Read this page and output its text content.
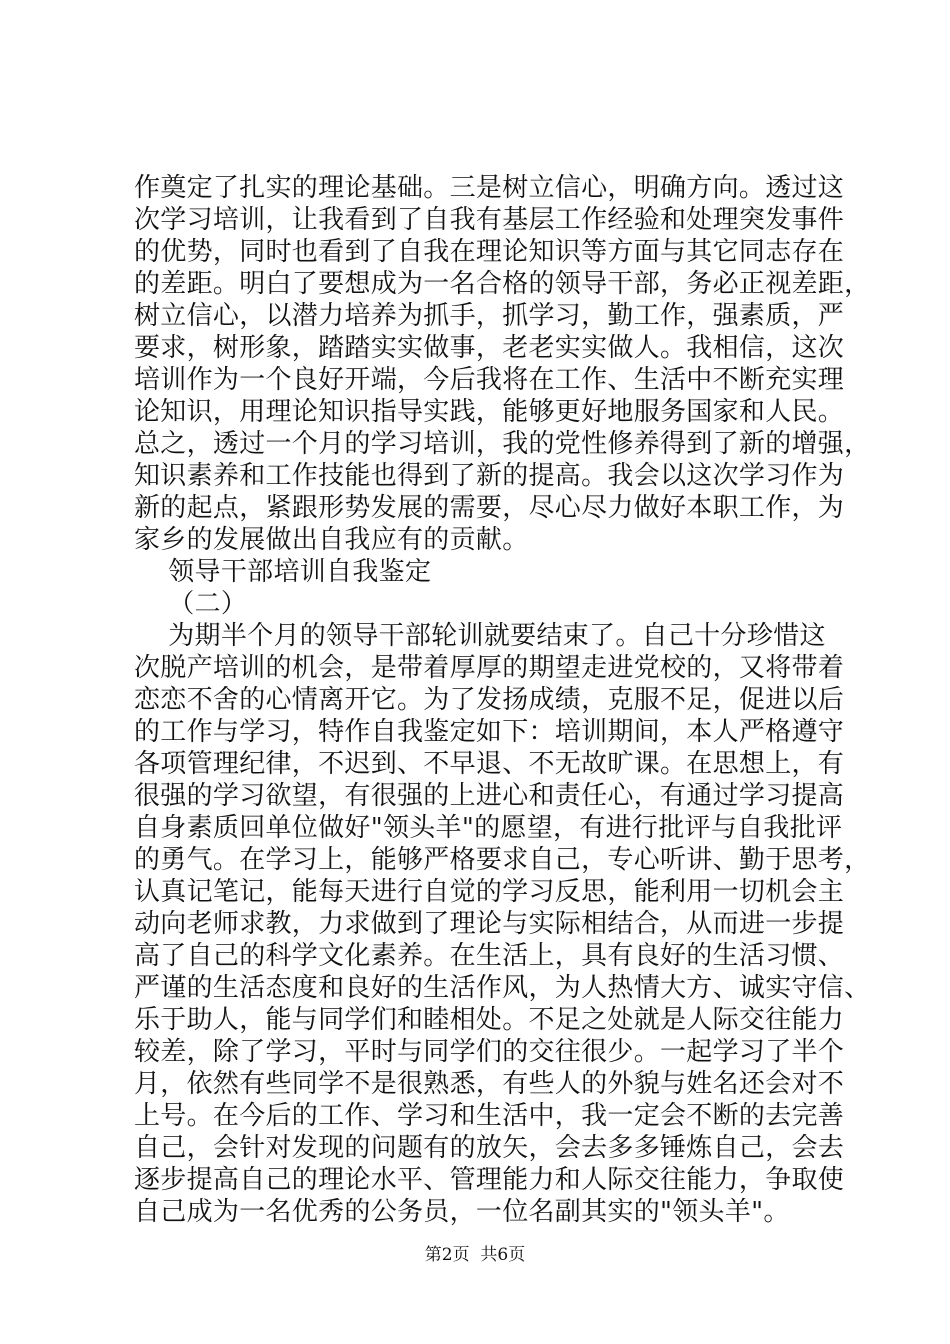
作奠定了扎实的理论基础。三是树立信心，明确方向。透过这
次学习培训，让我看到了自我有基层工作经验和处理突发事件
的优势，同时也看到了自我在理论知识等方面与其它同志存在
的差距。明白了要想成为一名合格的领导干部，务必正视差距，
树立信心，以潜力培养为抓手，抓学习，勤工作，强素质，严
要求，树形象，踏踏实实做事，老老实实做人。我相信，这次
培训作为一个良好开端，今后我将在工作、生活中不断充实理
论知识，用理论知识指导实践，能够更好地服务国家和人民。
总之，透过一个月的学习培训，我的党性修养得到了新的增强，
知识素养和工作技能也得到了新的提高。我会以这次学习作为
新的起点，紧跟形势发展的需要，尽心尽力做好本职工作，为
家乡的发展做出自我应有的贡献。
领导干部培训自我鉴定
（二）
为期半个月的领导干部轮训就要结束了。自己十分珍惜这
次脱产培训的机会，是带着厚厚的期望走进党校的，又将带着
恋恋不舍的心情离开它。为了发扬成绩，克服不足，促进以后
的工作与学习，特作自我鉴定如下：培训期间，本人严格遵守
各项管理纪律，不迟到、不早退、不无故旷课。在思想上，有
很强的学习欲望，有很强的上进心和责任心，有通过学习提高
自身素质回单位做好"领头羊"的愿望，有进行批评与自我批评
的勇气。在学习上，能够严格要求自己，专心听讲、勤于思考，
认真记笔记，能每天进行自觉的学习反思，能利用一切机会主
动向老师求教，力求做到了理论与实际相结合，从而进一步提
高了自己的科学文化素养。在生活上，具有良好的生活习惯、
严谨的生活态度和良好的生活作风，为人热情大方、诚实守信、
乐于助人，能与同学们和睦相处。不足之处就是人际交往能力
较差，除了学习，平时与同学们的交往很少。一起学习了半个
月，依然有些同学不是很熟悉，有些人的外貌与姓名还会对不
上号。在今后的工作、学习和生活中，我一定会不断的去完善
自己，会针对发现的问题有的放矢，会去多多锤炼自己，会去
逐步提高自己的理论水平、管理能力和人际交往能力，争取使
自己成为一名优秀的公务员，一位名副其实的"领头羊"。
第2页  共6页
